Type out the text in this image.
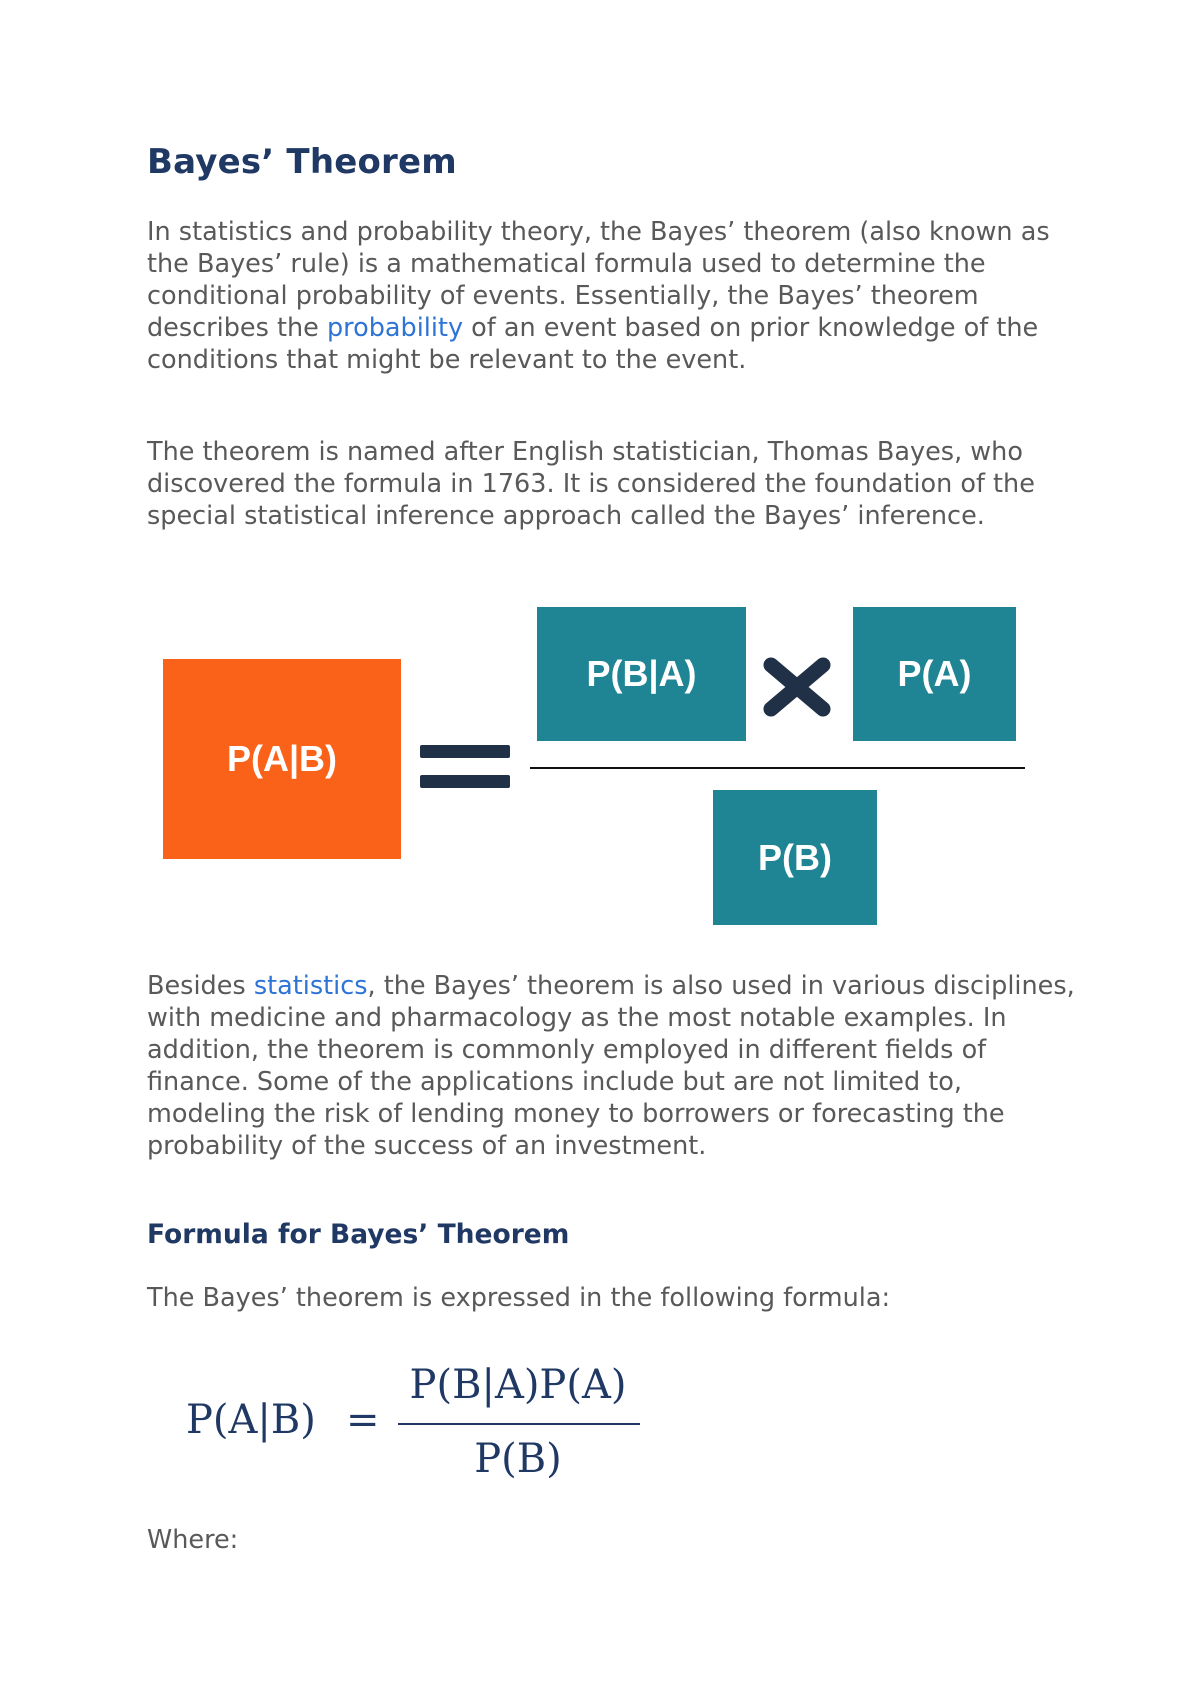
Bayes’ Theorem

In statistics and probability theory, the Bayes’ theorem (also known as the Bayes’ rule) is a mathematical formula used to determine the conditional probability of events. Essentially, the Bayes’ theorem describes the probability of an event based on prior knowledge of the conditions that might be relevant to the event.

The theorem is named after English statistician, Thomas Bayes, who discovered the formula in 1763. It is considered the foundation of the special statistical inference approach called the Bayes’ inference.

P(A|B)
P(B|A)	P(A)
P(B)

Besides statistics, the Bayes’ theorem is also used in various disciplines, with medicine and pharmacology as the most notable examples. In addition, the theorem is commonly employed in different fields of finance. Some of the applications include but are not limited to, modeling the risk of lending money to borrowers or forecasting the probability of the success of an investment.

Formula for Bayes’ Theorem

The Bayes’ theorem is expressed in the following formula:

P(A|B) =
P(B|A)P(A)
P(B)

Where:
